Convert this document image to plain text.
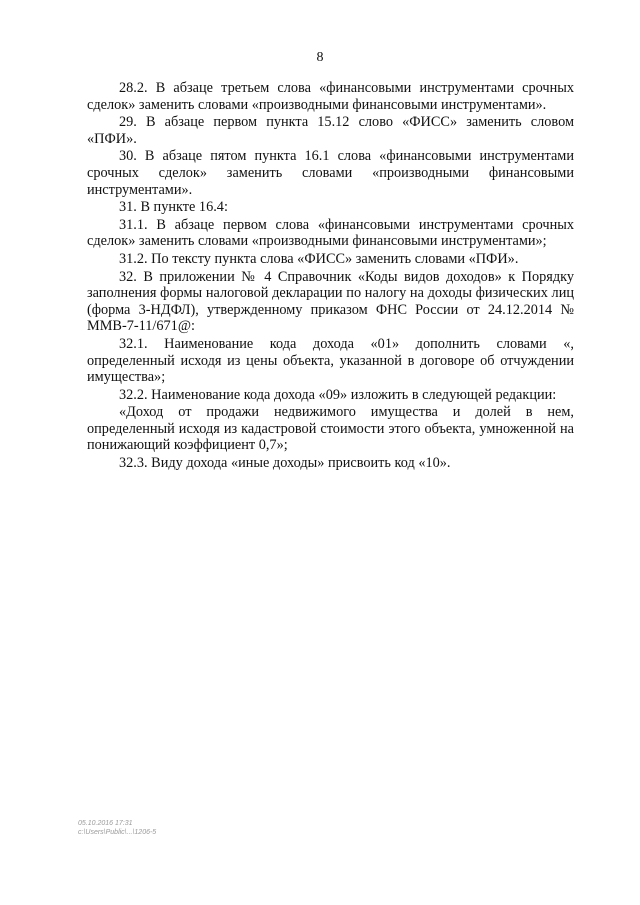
8

28.2. В абзаце третьем слова «финансовыми инструментами срочных сделок» заменить словами «производными финансовыми инструментами».

29. В абзаце первом пункта 15.12 слово «ФИСС» заменить словом «ПФИ».

30. В абзаце пятом пункта 16.1 слова «финансовыми инструментами срочных сделок» заменить словами «производными финансовыми инструментами».

31. В пункте 16.4:

31.1. В абзаце первом слова «финансовыми инструментами срочных сделок» заменить словами «производными финансовыми инструментами»;

31.2. По тексту пункта слова «ФИСС» заменить словами «ПФИ».

32. В приложении № 4 Справочник «Коды видов доходов» к Порядку заполнения формы налоговой декларации по налогу на доходы физических лиц (форма 3-НДФЛ), утвержденному приказом ФНС России от 24.12.2014 № ММВ-7-11/671@:

32.1. Наименование кода дохода «01» дополнить словами «, определенный исходя из цены объекта, указанной в договоре об отчуждении имущества»;

32.2. Наименование кода дохода «09» изложить в следующей редакции:

«Доход от продажи недвижимого имущества и долей в нем, определенный исходя из кадастровой стоимости этого объекта, умноженной на понижающий коэффициент 0,7»;

32.3. Виду дохода «иные доходы» присвоить код «10».

05.10.2016 17:31
c:\Users\Public\...\1206-5
